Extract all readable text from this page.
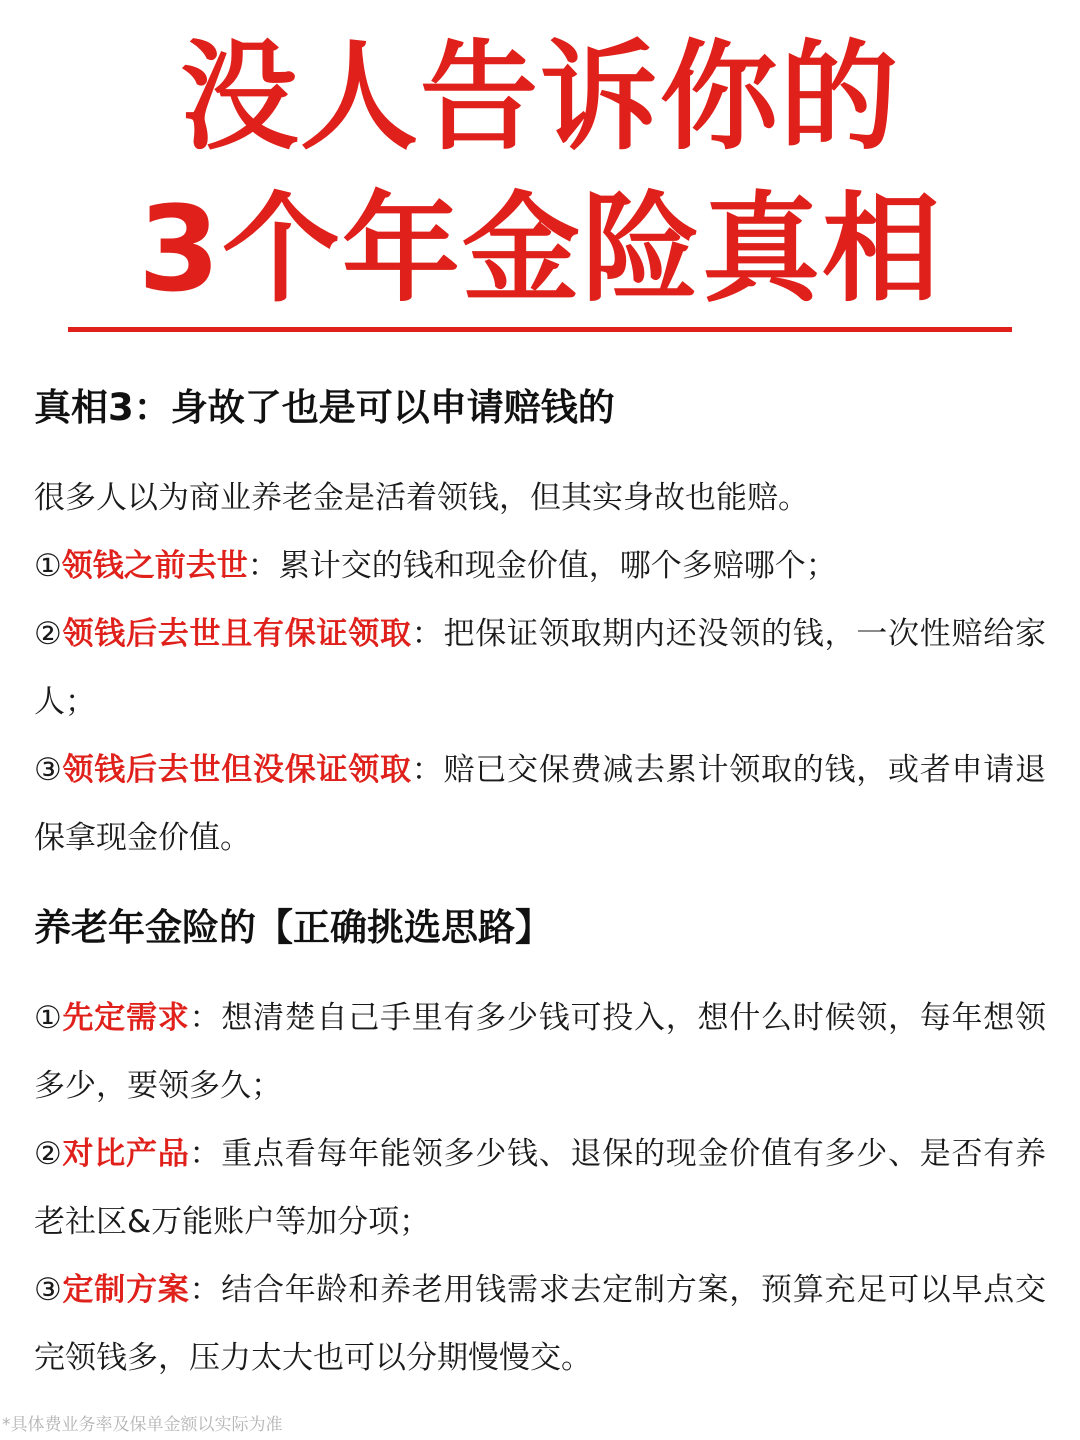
没人告诉你的
3个年金险真相
真相3：身故了也是可以申请赔钱的
很多人以为商业养老金是活着领钱，但其实身故也能赔。
①领钱之前去世：累计交的钱和现金价值，哪个多赔哪个；
②领钱后去世且有保证领取：把保证领取期内还没领的钱，一次性赔给家人；
③领钱后去世但没保证领取：赔已交保费减去累计领取的钱，或者申请退保拿现金价值。
养老年金险的【正确挑选思路】
①先定需求：想清楚自己手里有多少钱可投入，想什么时候领，每年想领多少，要领多久；
②对比产品：重点看每年能领多少钱、退保的现金价值有多少、是否有养老社区&万能账户等加分项；
③定制方案：结合年龄和养老用钱需求去定制方案，预算充足可以早点交完领钱多，压力太大也可以分期慢慢交。
*具体费业务率及保单金额以实际为准
